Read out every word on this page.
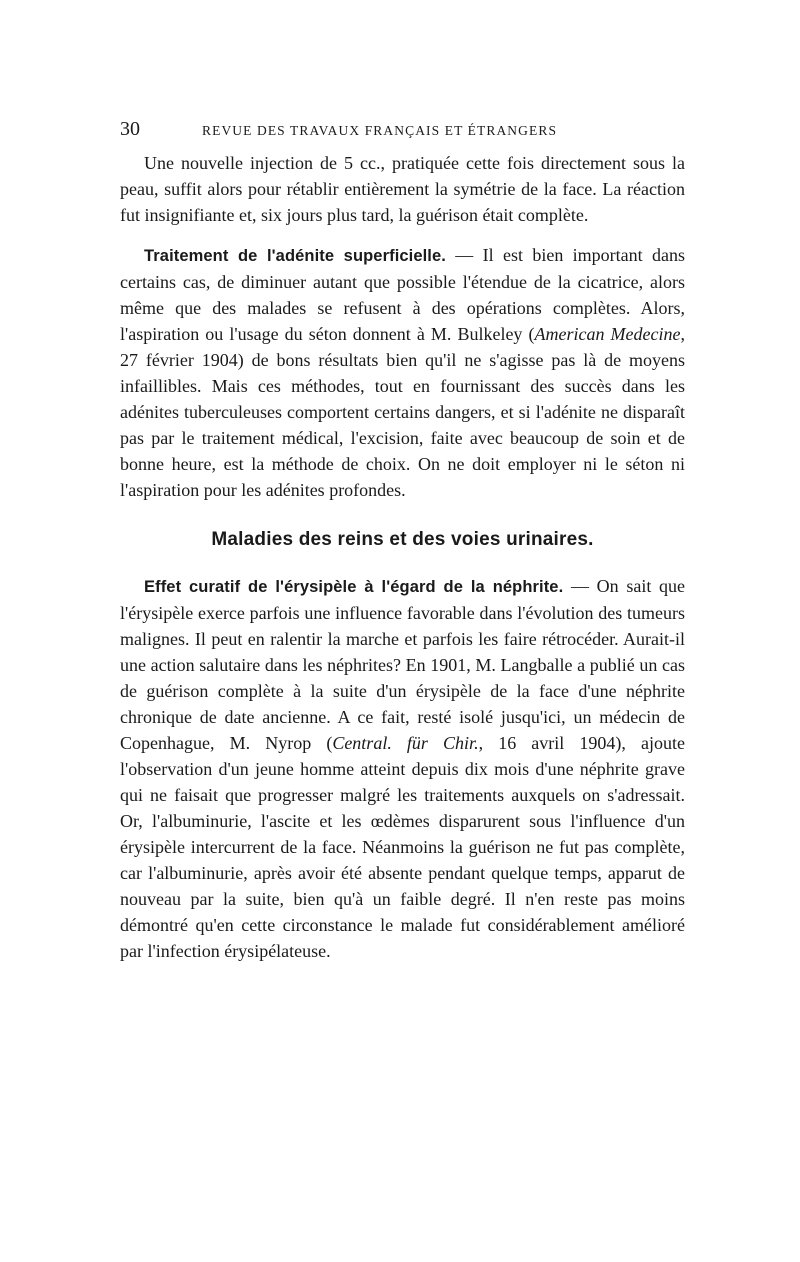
30	REVUE DES TRAVAUX FRANÇAIS ET ÉTRANGERS

Une nouvelle injection de 5 cc., pratiquée cette fois directement sous la peau, suffit alors pour rétablir entièrement la symétrie de la face. La réaction fut insignifiante et, six jours plus tard, la guérison était complète.

Traitement de l'adénite superficielle. — Il est bien important dans certains cas, de diminuer autant que possible l'étendue de la cicatrice, alors même que des malades se refusent à des opérations complètes. Alors, l'aspiration ou l'usage du séton donnent à M. Bulkeley (American Medecine, 27 février 1904) de bons résultats bien qu'il ne s'agisse pas là de moyens infaillibles. Mais ces méthodes, tout en fournissant des succès dans les adénites tuberculeuses comportent certains dangers, et si l'adénite ne disparaît pas par le traitement médical, l'excision, faite avec beaucoup de soin et de bonne heure, est la méthode de choix. On ne doit employer ni le séton ni l'aspiration pour les adénites profondes.

Maladies des reins et des voies urinaires.

Effet curatif de l'érysipèle à l'égard de la néphrite. — On sait que l'érysipèle exerce parfois une influence favorable dans l'évolution des tumeurs malignes. Il peut en ralentir la marche et parfois les faire rétrocéder. Aurait-il une action salutaire dans les néphrites? En 1901, M. Langballe a publié un cas de guérison complète à la suite d'un érysipèle de la face d'une néphrite chronique de date ancienne. A ce fait, resté isolé jusqu'ici, un médecin de Copenhague, M. Nyrop (Central. für Chir., 16 avril 1904), ajoute l'observation d'un jeune homme atteint depuis dix mois d'une néphrite grave qui ne faisait que progresser malgré les traitements auxquels on s'adressait. Or, l'albuminurie, l'ascite et les œdèmes disparurent sous l'influence d'un érysipèle intercurrent de la face. Néanmoins la guérison ne fut pas complète, car l'albuminurie, après avoir été absente pendant quelque temps, apparut de nouveau par la suite, bien qu'à un faible degré. Il n'en reste pas moins démontré qu'en cette circonstance le malade fut considérablement amélioré par l'infection érysipélateuse.
